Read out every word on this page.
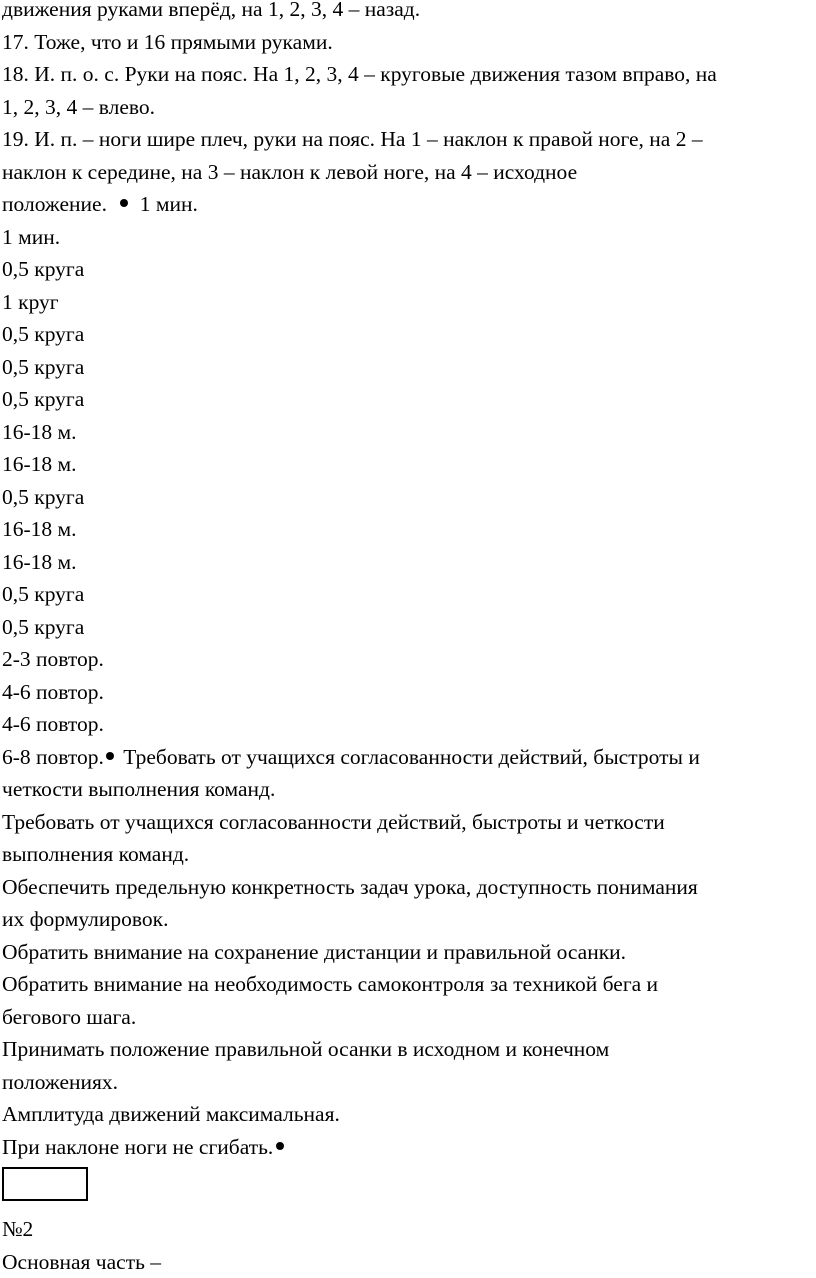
движения руками вперёд, на 1, 2, 3, 4 – назад.
17. Тоже, что и 16 прямыми руками.
18. И. п. о. с. Руки на пояс. На 1, 2, 3, 4 – круговые движения тазом вправо, на
1, 2, 3, 4 – влево.
19. И. п. – ноги шире плеч, руки на пояс. На 1 – наклон к правой ноге, на 2 –
наклон к середине, на 3 – наклон к левой ноге, на 4 – исходное
положение. 1 мин.
1 мин.
0,5 круга
1 круг
0,5 круга
0,5 круга
0,5 круга
16-18 м.
16-18 м.
0,5 круга
16-18 м.
16-18 м.
0,5 круга
0,5 круга
2-3 повтор.
4-6 повтор.
4-6 повтор.
6-8 повтор. Требовать от учащихся согласованности действий, быстроты и
четкости выполнения команд.
Требовать от учащихся согласованности действий, быстроты и четкости
выполнения команд.
Обеспечить предельную конкретность задач урока, доступность понимания
их формулировок.
Обратить внимание на сохранение дистанции и правильной осанки.
Обратить внимание на необходимость самоконтроля за техникой бега и
бегового шага.
Принимать положение правильной осанки в исходном и конечном
положениях.
Амплитуда движений максимальная.
При наклоне ноги не сгибать.
№2
Основная часть –
